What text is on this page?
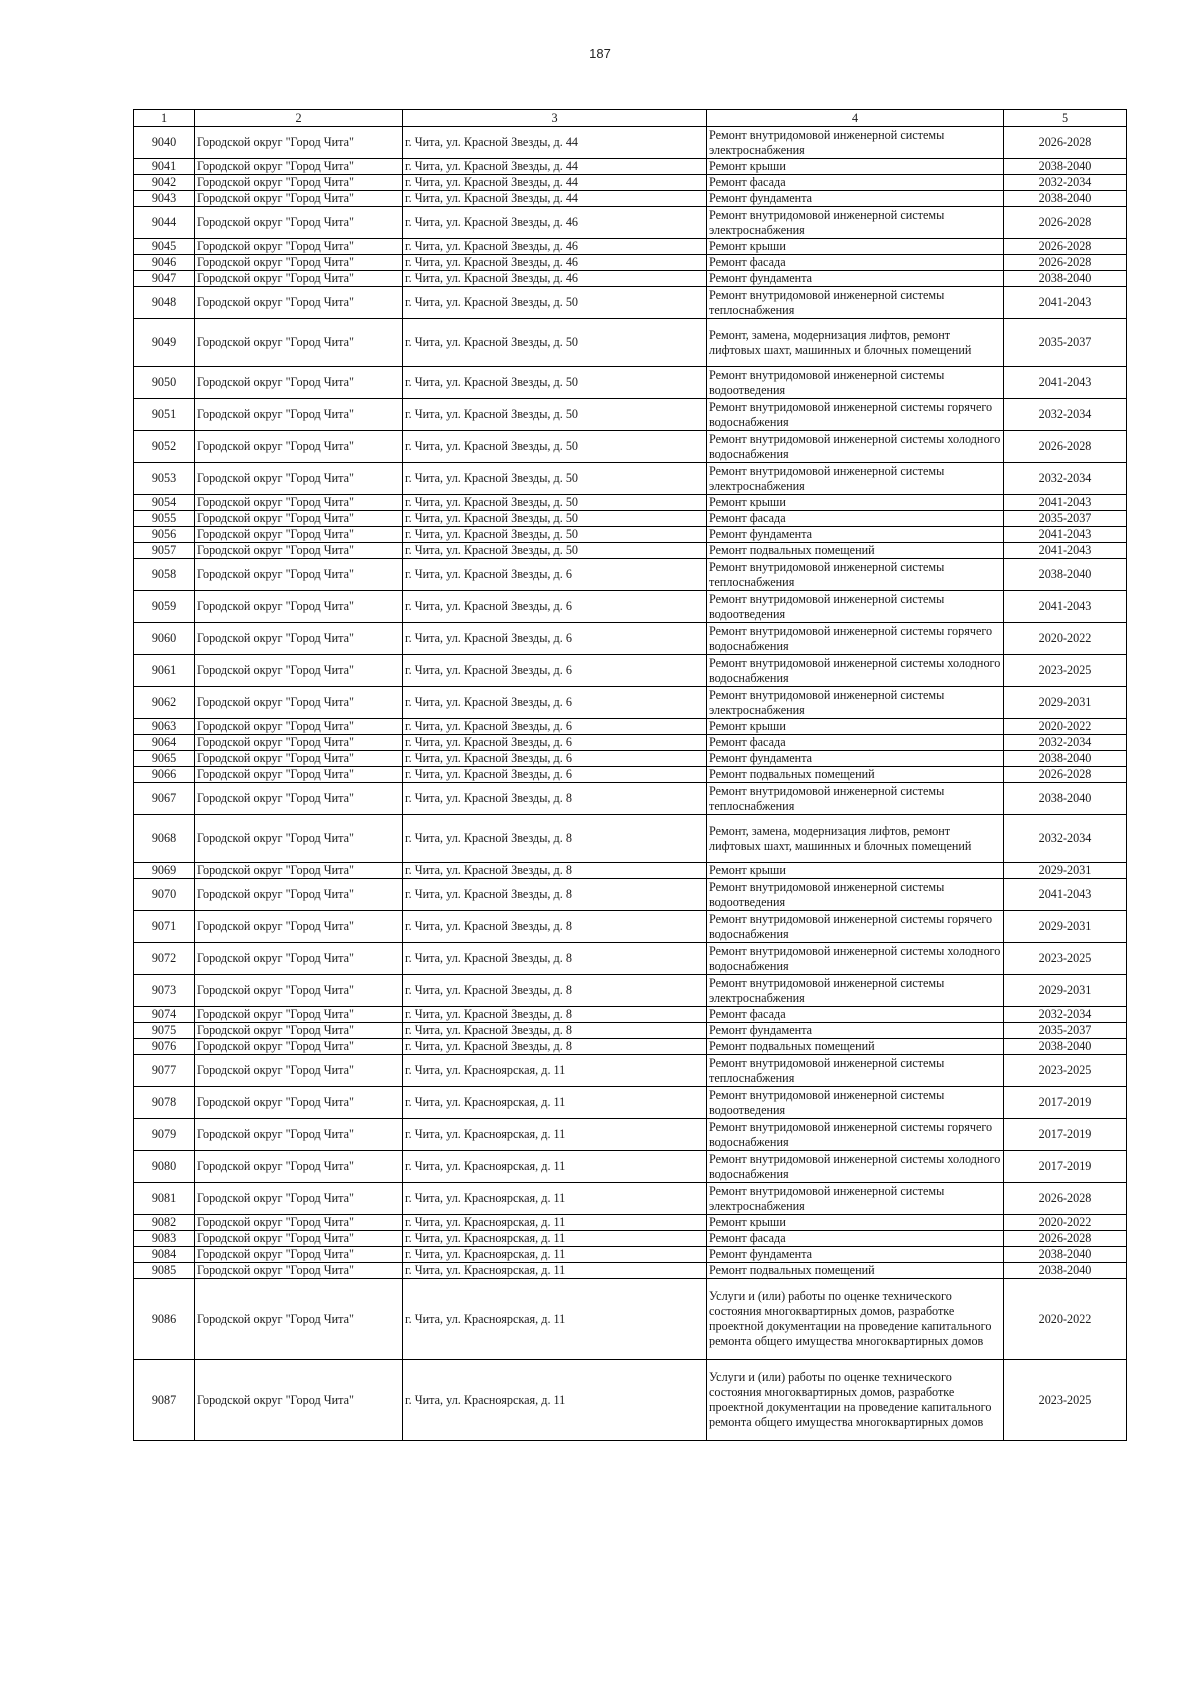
187
1	2	3	4	5
9040	Городской округ "Город Чита"	г. Чита, ул. Красной Звезды, д. 44	Ремонт внутридомовой инженерной системы электроснабжения	2026-2028
9041	Городской округ "Город Чита"	г. Чита, ул. Красной Звезды, д. 44	Ремонт крыши	2038-2040
9042	Городской округ "Город Чита"	г. Чита, ул. Красной Звезды, д. 44	Ремонт фасада	2032-2034
9043	Городской округ "Город Чита"	г. Чита, ул. Красной Звезды, д. 44	Ремонт фундамента	2038-2040
9044	Городской округ "Город Чита"	г. Чита, ул. Красной Звезды, д. 46	Ремонт внутридомовой инженерной системы электроснабжения	2026-2028
9045	Городской округ "Город Чита"	г. Чита, ул. Красной Звезды, д. 46	Ремонт крыши	2026-2028
9046	Городской округ "Город Чита"	г. Чита, ул. Красной Звезды, д. 46	Ремонт фасада	2026-2028
9047	Городской округ "Город Чита"	г. Чита, ул. Красной Звезды, д. 46	Ремонт фундамента	2038-2040
9048	Городской округ "Город Чита"	г. Чита, ул. Красной Звезды, д. 50	Ремонт внутридомовой инженерной системы теплоснабжения	2041-2043
9049	Городской округ "Город Чита"	г. Чита, ул. Красной Звезды, д. 50	Ремонт, замена, модернизация лифтов, ремонт лифтовых шахт, машинных и блочных помещений	2035-2037
9050	Городской округ "Город Чита"	г. Чита, ул. Красной Звезды, д. 50	Ремонт внутридомовой инженерной системы водоотведения	2041-2043
9051	Городской округ "Город Чита"	г. Чита, ул. Красной Звезды, д. 50	Ремонт внутридомовой инженерной системы горячего водоснабжения	2032-2034
9052	Городской округ "Город Чита"	г. Чита, ул. Красной Звезды, д. 50	Ремонт внутридомовой инженерной системы холодного водоснабжения	2026-2028
9053	Городской округ "Город Чита"	г. Чита, ул. Красной Звезды, д. 50	Ремонт внутридомовой инженерной системы электроснабжения	2032-2034
9054	Городской округ "Город Чита"	г. Чита, ул. Красной Звезды, д. 50	Ремонт крыши	2041-2043
9055	Городской округ "Город Чита"	г. Чита, ул. Красной Звезды, д. 50	Ремонт фасада	2035-2037
9056	Городской округ "Город Чита"	г. Чита, ул. Красной Звезды, д. 50	Ремонт фундамента	2041-2043
9057	Городской округ "Город Чита"	г. Чита, ул. Красной Звезды, д. 50	Ремонт подвальных помещений	2041-2043
9058	Городской округ "Город Чита"	г. Чита, ул. Красной Звезды, д. 6	Ремонт внутридомовой инженерной системы теплоснабжения	2038-2040
9059	Городской округ "Город Чита"	г. Чита, ул. Красной Звезды, д. 6	Ремонт внутридомовой инженерной системы водоотведения	2041-2043
9060	Городской округ "Город Чита"	г. Чита, ул. Красной Звезды, д. 6	Ремонт внутридомовой инженерной системы горячего водоснабжения	2020-2022
9061	Городской округ "Город Чита"	г. Чита, ул. Красной Звезды, д. 6	Ремонт внутридомовой инженерной системы холодного водоснабжения	2023-2025
9062	Городской округ "Город Чита"	г. Чита, ул. Красной Звезды, д. 6	Ремонт внутридомовой инженерной системы электроснабжения	2029-2031
9063	Городской округ "Город Чита"	г. Чита, ул. Красной Звезды, д. 6	Ремонт крыши	2020-2022
9064	Городской округ "Город Чита"	г. Чита, ул. Красной Звезды, д. 6	Ремонт фасада	2032-2034
9065	Городской округ "Город Чита"	г. Чита, ул. Красной Звезды, д. 6	Ремонт фундамента	2038-2040
9066	Городской округ "Город Чита"	г. Чита, ул. Красной Звезды, д. 6	Ремонт подвальных помещений	2026-2028
9067	Городской округ "Город Чита"	г. Чита, ул. Красной Звезды, д. 8	Ремонт внутридомовой инженерной системы теплоснабжения	2038-2040
9068	Городской округ "Город Чита"	г. Чита, ул. Красной Звезды, д. 8	Ремонт, замена, модернизация лифтов, ремонт лифтовых шахт, машинных и блочных помещений	2032-2034
9069	Городской округ "Город Чита"	г. Чита, ул. Красной Звезды, д. 8	Ремонт крыши	2029-2031
9070	Городской округ "Город Чита"	г. Чита, ул. Красной Звезды, д. 8	Ремонт внутридомовой инженерной системы водоотведения	2041-2043
9071	Городской округ "Город Чита"	г. Чита, ул. Красной Звезды, д. 8	Ремонт внутридомовой инженерной системы горячего водоснабжения	2029-2031
9072	Городской округ "Город Чита"	г. Чита, ул. Красной Звезды, д. 8	Ремонт внутридомовой инженерной системы холодного водоснабжения	2023-2025
9073	Городской округ "Город Чита"	г. Чита, ул. Красной Звезды, д. 8	Ремонт внутридомовой инженерной системы электроснабжения	2029-2031
9074	Городской округ "Город Чита"	г. Чита, ул. Красной Звезды, д. 8	Ремонт фасада	2032-2034
9075	Городской округ "Город Чита"	г. Чита, ул. Красной Звезды, д. 8	Ремонт фундамента	2035-2037
9076	Городской округ "Город Чита"	г. Чита, ул. Красной Звезды, д. 8	Ремонт подвальных помещений	2038-2040
9077	Городской округ "Город Чита"	г. Чита, ул. Красноярская, д. 11	Ремонт внутридомовой инженерной системы теплоснабжения	2023-2025
9078	Городской округ "Город Чита"	г. Чита, ул. Красноярская, д. 11	Ремонт внутридомовой инженерной системы водоотведения	2017-2019
9079	Городской округ "Город Чита"	г. Чита, ул. Красноярская, д. 11	Ремонт внутридомовой инженерной системы горячего водоснабжения	2017-2019
9080	Городской округ "Город Чита"	г. Чита, ул. Красноярская, д. 11	Ремонт внутридомовой инженерной системы холодного водоснабжения	2017-2019
9081	Городской округ "Город Чита"	г. Чита, ул. Красноярская, д. 11	Ремонт внутридомовой инженерной системы электроснабжения	2026-2028
9082	Городской округ "Город Чита"	г. Чита, ул. Красноярская, д. 11	Ремонт крыши	2020-2022
9083	Городской округ "Город Чита"	г. Чита, ул. Красноярская, д. 11	Ремонт фасада	2026-2028
9084	Городской округ "Город Чита"	г. Чита, ул. Красноярская, д. 11	Ремонт фундамента	2038-2040
9085	Городской округ "Город Чита"	г. Чита, ул. Красноярская, д. 11	Ремонт подвальных помещений	2038-2040
9086	Городской округ "Город Чита"	г. Чита, ул. Красноярская, д. 11	Услуги и (или) работы по оценке технического состояния многоквартирных домов, разработке проектной документации на проведение капитального ремонта общего имущества многоквартирных домов	2020-2022
9087	Городской округ "Город Чита"	г. Чита, ул. Красноярская, д. 11	Услуги и (или) работы по оценке технического состояния многоквартирных домов, разработке проектной документации на проведение капитального ремонта общего имущества многоквартирных домов	2023-2025
